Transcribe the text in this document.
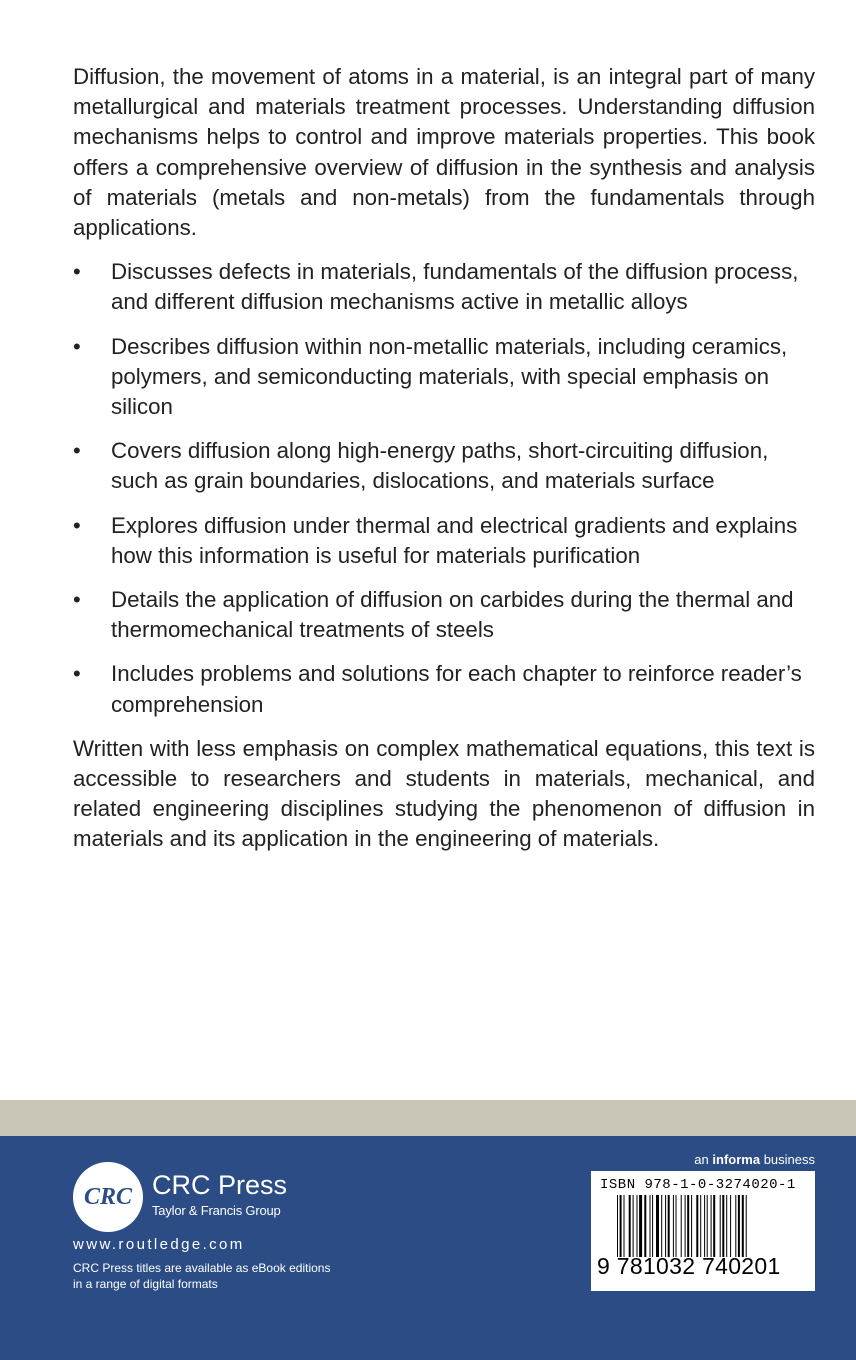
Diffusion, the movement of atoms in a material, is an integral part of many metallurgical and materials treatment processes. Understanding diffusion mechanisms helps to control and improve materials properties. This book offers a comprehensive overview of diffusion in the synthesis and analysis of materials (metals and non-metals) from the fundamentals through applications.

• Discusses defects in materials, fundamentals of the diffusion process, and different diffusion mechanisms active in metallic alloys
• Describes diffusion within non-metallic materials, including ceramics, polymers, and semiconducting materials, with special emphasis on silicon
• Covers diffusion along high-energy paths, short-circuiting diffusion, such as grain boundaries, dislocations, and materials surface
• Explores diffusion under thermal and electrical gradients and explains how this information is useful for materials purification
• Details the application of diffusion on carbides during the thermal and thermomechanical treatments of steels
• Includes problems and solutions for each chapter to reinforce reader’s comprehension

Written with less emphasis on complex mathematical equations, this text is accessible to researchers and students in materials, mechanical, and related engineering disciplines studying the phenomenon of diffusion in materials and its application in the engineering of materials.

CRC CRC Press
Taylor & Francis Group
www.routledge.com
CRC Press titles are available as eBook editions in a range of digital formats
an informa business
ISBN 978-1-0-3274020-1
9 781032 740201
